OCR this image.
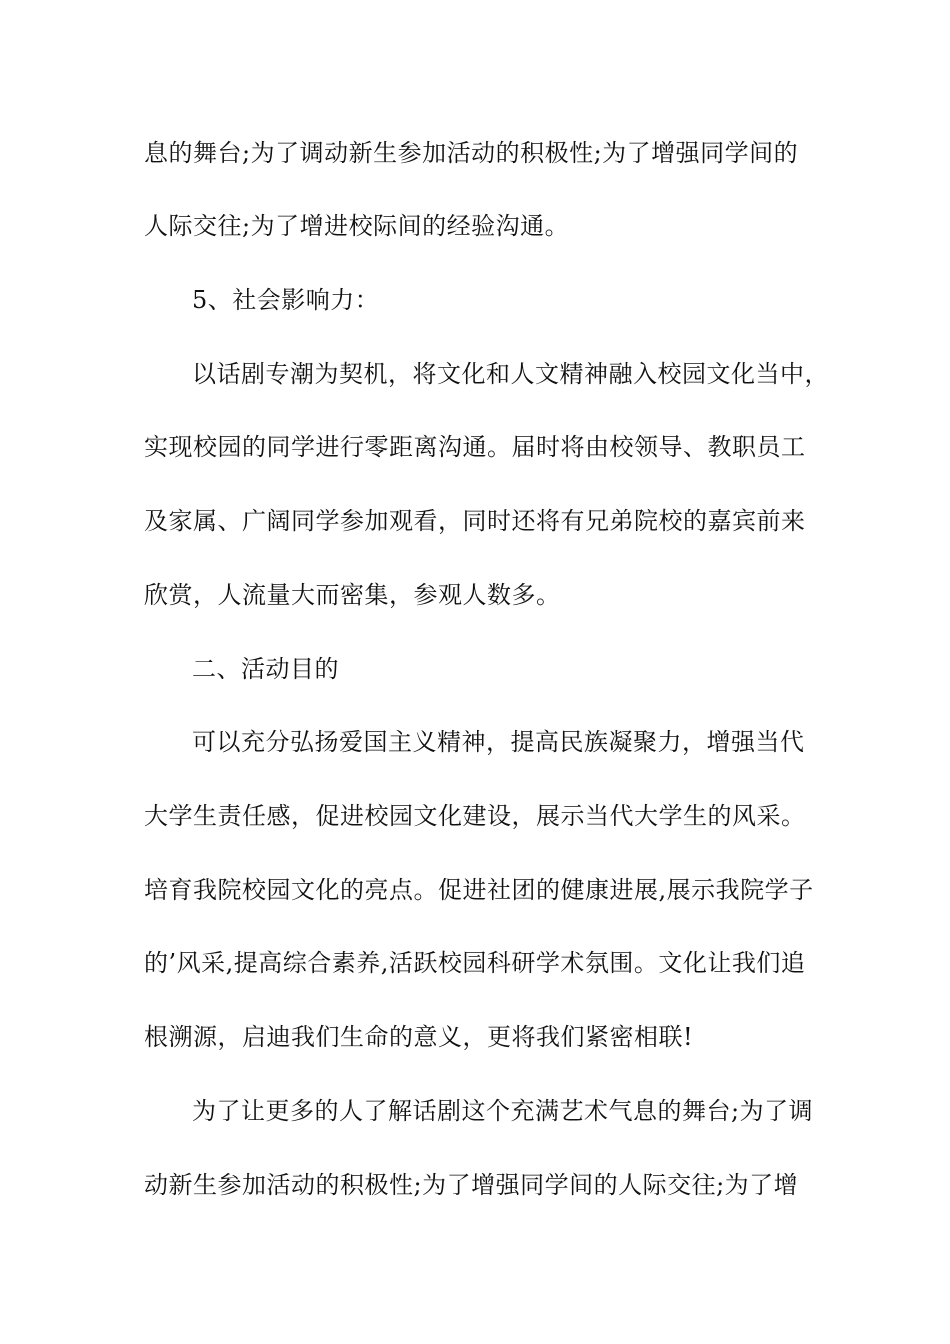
息的舞台;为了调动新生参加活动的积极性;为了增强同学间的
人际交往;为了增进校际间的经验沟通。
5、社会影响力：
以话剧专潮为契机，将文化和人文精神融入校园文化当中，
实现校园的同学进行零距离沟通。届时将由校领导、教职员工
及家属、广阔同学参加观看，同时还将有兄弟院校的嘉宾前来
欣赏，人流量大而密集，参观人数多。
二、活动目的
可以充分弘扬爱国主义精神，提高民族凝聚力，增强当代
大学生责任感，促进校园文化建设，展示当代大学生的风采。
培育我院校园文化的亮点。促进社团的健康进展,展示我院学子
的’风采,提高综合素养,活跃校园科研学术氛围。文化让我们追
根溯源，启迪我们生命的意义，更将我们紧密相联!
为了让更多的人了解话剧这个充满艺术气息的舞台;为了调
动新生参加活动的积极性;为了增强同学间的人际交往;为了增
